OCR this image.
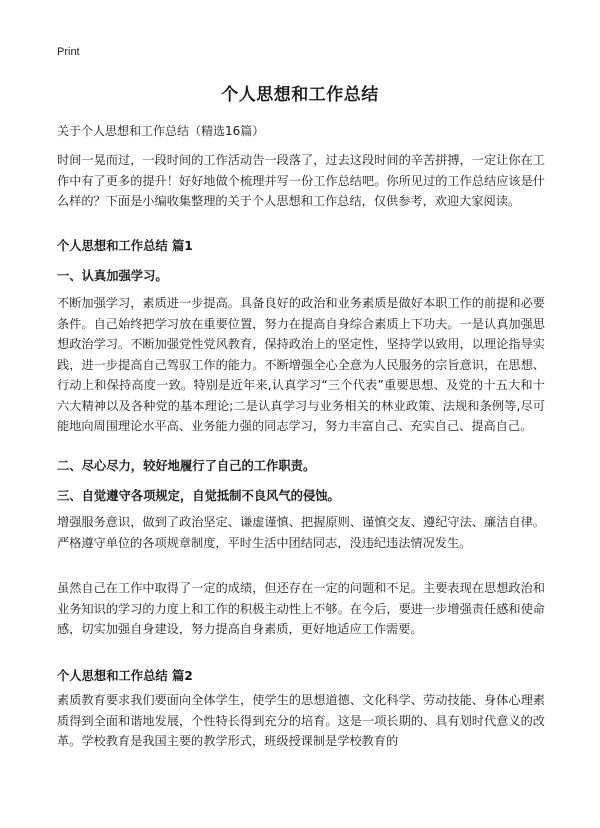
Print
个人思想和工作总结
关于个人思想和工作总结（精选16篇）

时间一晃而过，一段时间的工作活动告一段落了，过去这段时间的辛苦拼搏，一定让你在工作中有了更多的提升！好好地做个梳理并写一份工作总结吧。你所见过的工作总结应该是什么样的？下面是小编收集整理的关于个人思想和工作总结，仅供参考，欢迎大家阅读。

个人思想和工作总结 篇1
一、认真加强学习。

不断加强学习，素质进一步提高。具备良好的政治和业务素质是做好本职工作的前提和必要条件。自己始终把学习放在重要位置，努力在提高自身综合素质上下功夫。一是认真加强思想政治学习。不断加强党性党风教育，保持政治上的坚定性，坚持学以致用，以理论指导实践，进一步提高自己驾驭工作的能力。不断增强全心全意为人民服务的宗旨意识，在思想、行动上和保持高度一致。特别是近年来,认真学习“三个代表”重要思想、及党的十五大和十六大精神以及各种党的基本理论;二是认真学习与业务相关的林业政策、法规和条例等,尽可能地向周围理论水平高、业务能力强的同志学习，努力丰富自己、充实自己、提高自己。

二、尽心尽力，较好地履行了自己的工作职责。
三、自觉遵守各项规定，自觉抵制不良风气的侵蚀。

增强服务意识，做到了政治坚定、谦虚谨慎、把握原则、谨慎交友、遵纪守法、廉洁自律。严格遵守单位的各项规章制度，平时生活中团结同志，没违纪违法情况发生。

虽然自己在工作中取得了一定的成绩，但还存在一定的问题和不足。主要表现在思想政治和业务知识的学习的力度上和工作的积极主动性上不够。在今后，要进一步增强责任感和使命感，切实加强自身建设，努力提高自身素质，更好地适应工作需要。

个人思想和工作总结 篇2

素质教育要求我们要面向全体学生，使学生的思想道德、文化科学、劳动技能、身体心理素质得到全面和谐地发展，个性特长得到充分的培育。这是一项长期的、具有划时代意义的改革。学校教育是我国主要的教学形式，班级授课制是学校教育的
